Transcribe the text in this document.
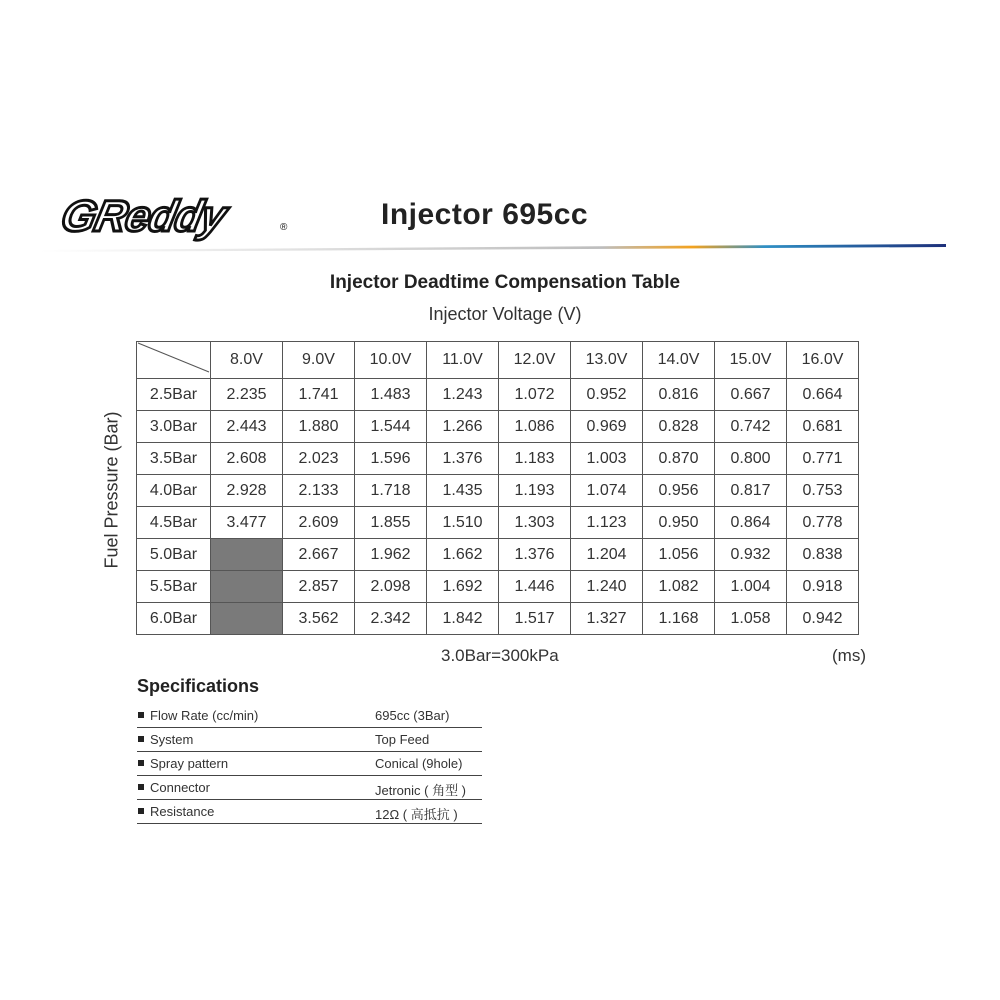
GReddy	®	Injector 695cc
Injector Deadtime Compensation Table
Injector Voltage (V)
Fuel Pressure (Bar)
	8.0V	9.0V	10.0V	11.0V	12.0V	13.0V	14.0V	15.0V	16.0V
2.5Bar	2.235	1.741	1.483	1.243	1.072	0.952	0.816	0.667	0.664
3.0Bar	2.443	1.880	1.544	1.266	1.086	0.969	0.828	0.742	0.681
3.5Bar	2.608	2.023	1.596	1.376	1.183	1.003	0.870	0.800	0.771
4.0Bar	2.928	2.133	1.718	1.435	1.193	1.074	0.956	0.817	0.753
4.5Bar	3.477	2.609	1.855	1.510	1.303	1.123	0.950	0.864	0.778
5.0Bar		2.667	1.962	1.662	1.376	1.204	1.056	0.932	0.838
5.5Bar		2.857	2.098	1.692	1.446	1.240	1.082	1.004	0.918
6.0Bar		3.562	2.342	1.842	1.517	1.327	1.168	1.058	0.942
3.0Bar=300kPa	(ms)
Specifications
Flow Rate (cc/min)	695cc (3Bar)
System	Top Feed
Spray pattern	Conical (9hole)
Connector	Jetronic ( 角型 )
Resistance	12Ω ( 高抵抗 )
